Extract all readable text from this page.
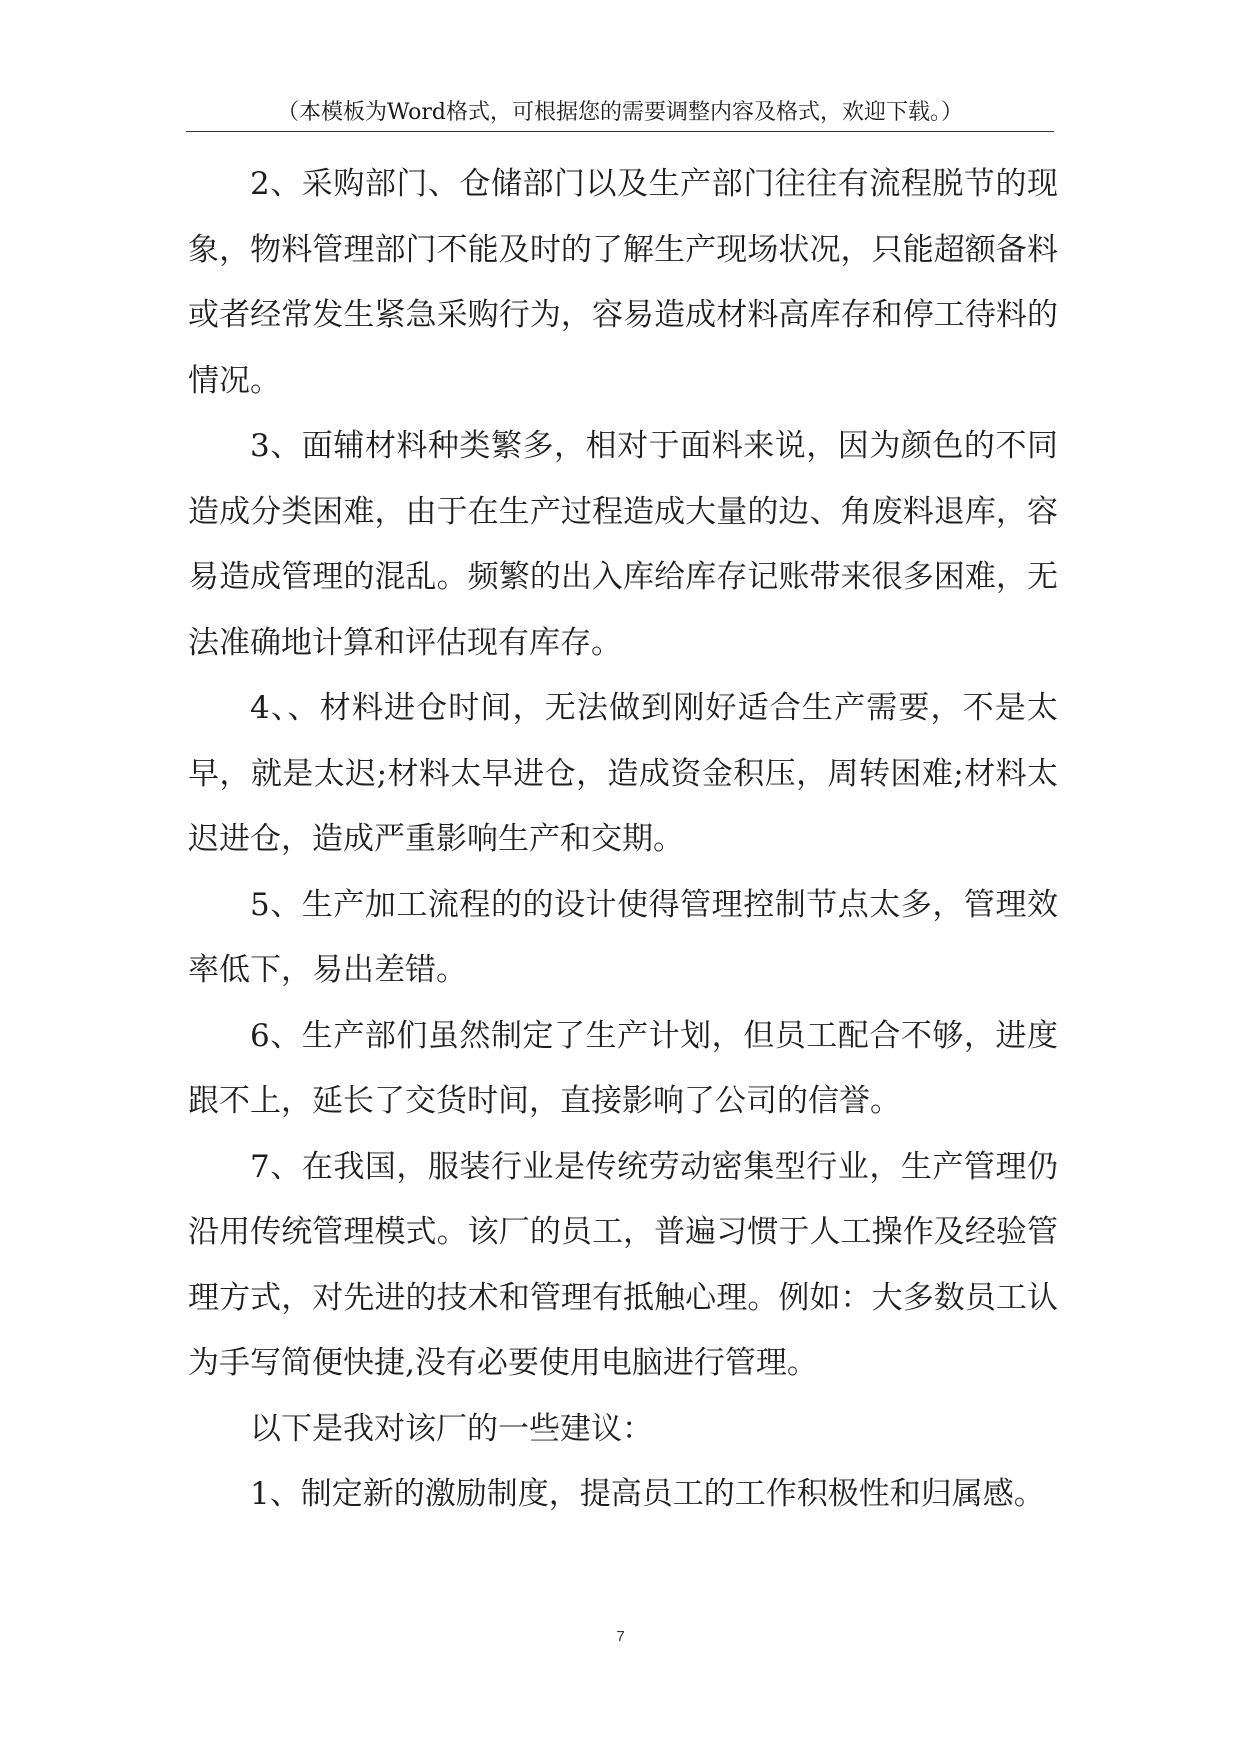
（本模板为Word格式，可根据您的需要调整内容及格式，欢迎下载。）

2、采购部门、仓储部门以及生产部门往往有流程脱节的现象，物料管理部门不能及时的了解生产现场状况，只能超额备料或者经常发生紧急采购行为，容易造成材料高库存和停工待料的情况。

3、面辅材料种类繁多，相对于面料来说，因为颜色的不同造成分类困难，由于在生产过程造成大量的边、角废料退库，容易造成管理的混乱。频繁的出入库给库存记账带来很多困难，无法准确地计算和评估现有库存。

4、、材料进仓时间，无法做到刚好适合生产需要，不是太早，就是太迟;材料太早进仓，造成资金积压，周转困难;材料太迟进仓，造成严重影响生产和交期。

5、生产加工流程的的设计使得管理控制节点太多，管理效率低下，易出差错。

6、生产部们虽然制定了生产计划，但员工配合不够，进度跟不上，延长了交货时间，直接影响了公司的信誉。

7、在我国，服装行业是传统劳动密集型行业，生产管理仍沿用传统管理模式。该厂的员工，普遍习惯于人工操作及经验管理方式，对先进的技术和管理有抵触心理。例如：大多数员工认为手写简便快捷,没有必要使用电脑进行管理。

以下是我对该厂的一些建议：

1、制定新的激励制度，提高员工的工作积极性和归属感。

7
